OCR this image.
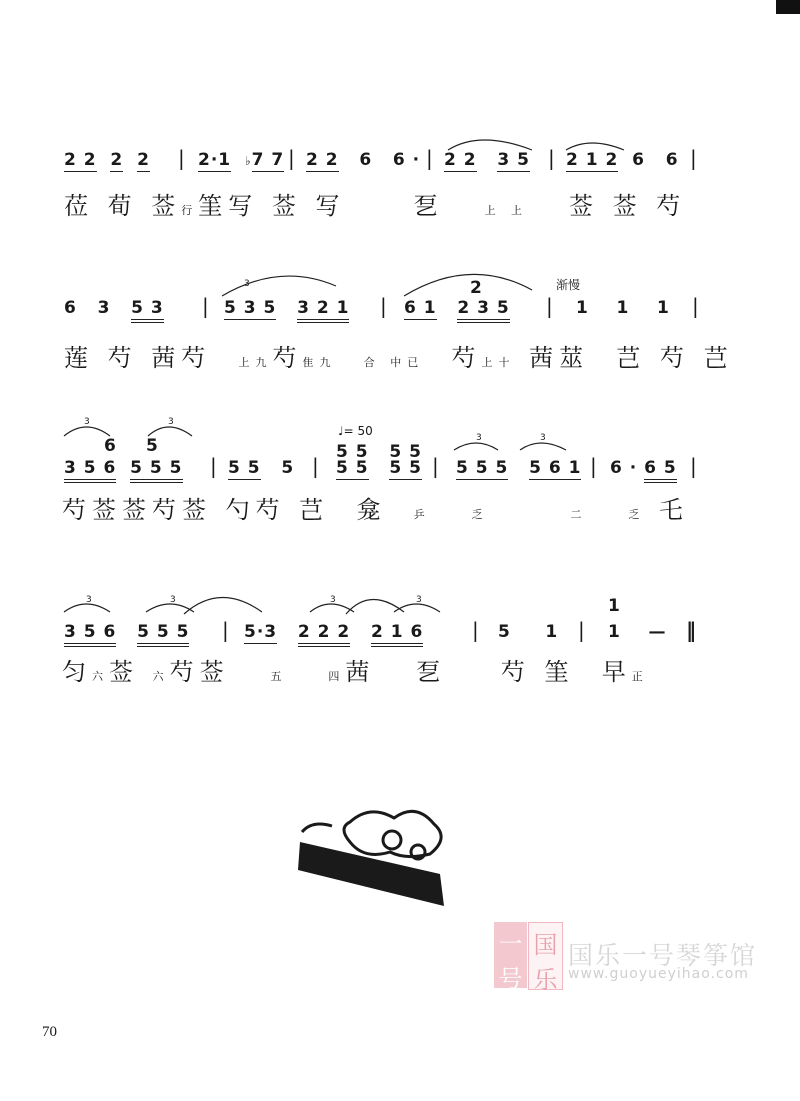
2 2 2 2 | 2·1 ♭7 7 | 2 2   6   6 · | 2 2 3 5 | 2 1 2  6   6 |
莅 荀 莶行筀写 莶 写     乭   上 上   莶 莶 芍
渐慢
6   3   5 3 | 5 3 5 3 2 1 | 6 1 2 3 5
2
| 1    1    1 |
莲 芍 茜芍  上九芍隹九 合 中已  芍上十 茜莁  芑 芍 芑
♩= 50
6 5	5 5   5 5
3 5 6 5 5 5 | 5 5   5 | 5 5 5 5 | 5 5 5 5 6 1 | 6 · 6 5 |
芍莶莶芍莶 勺芍 芑  龛  乒	乏	二	乏 乇
1
3 5 6 5 5 5 | 5·3 2 2 2 2 1 6 | 5     1 | 1    — ‖
匀六莶 六芍莶   五	四茜   乭    芍 筀  早正
3
3	3
3	3
3	3	3	3
一
号
国
乐
国乐一号琴筝馆
www.guoyueyihao.com
70
